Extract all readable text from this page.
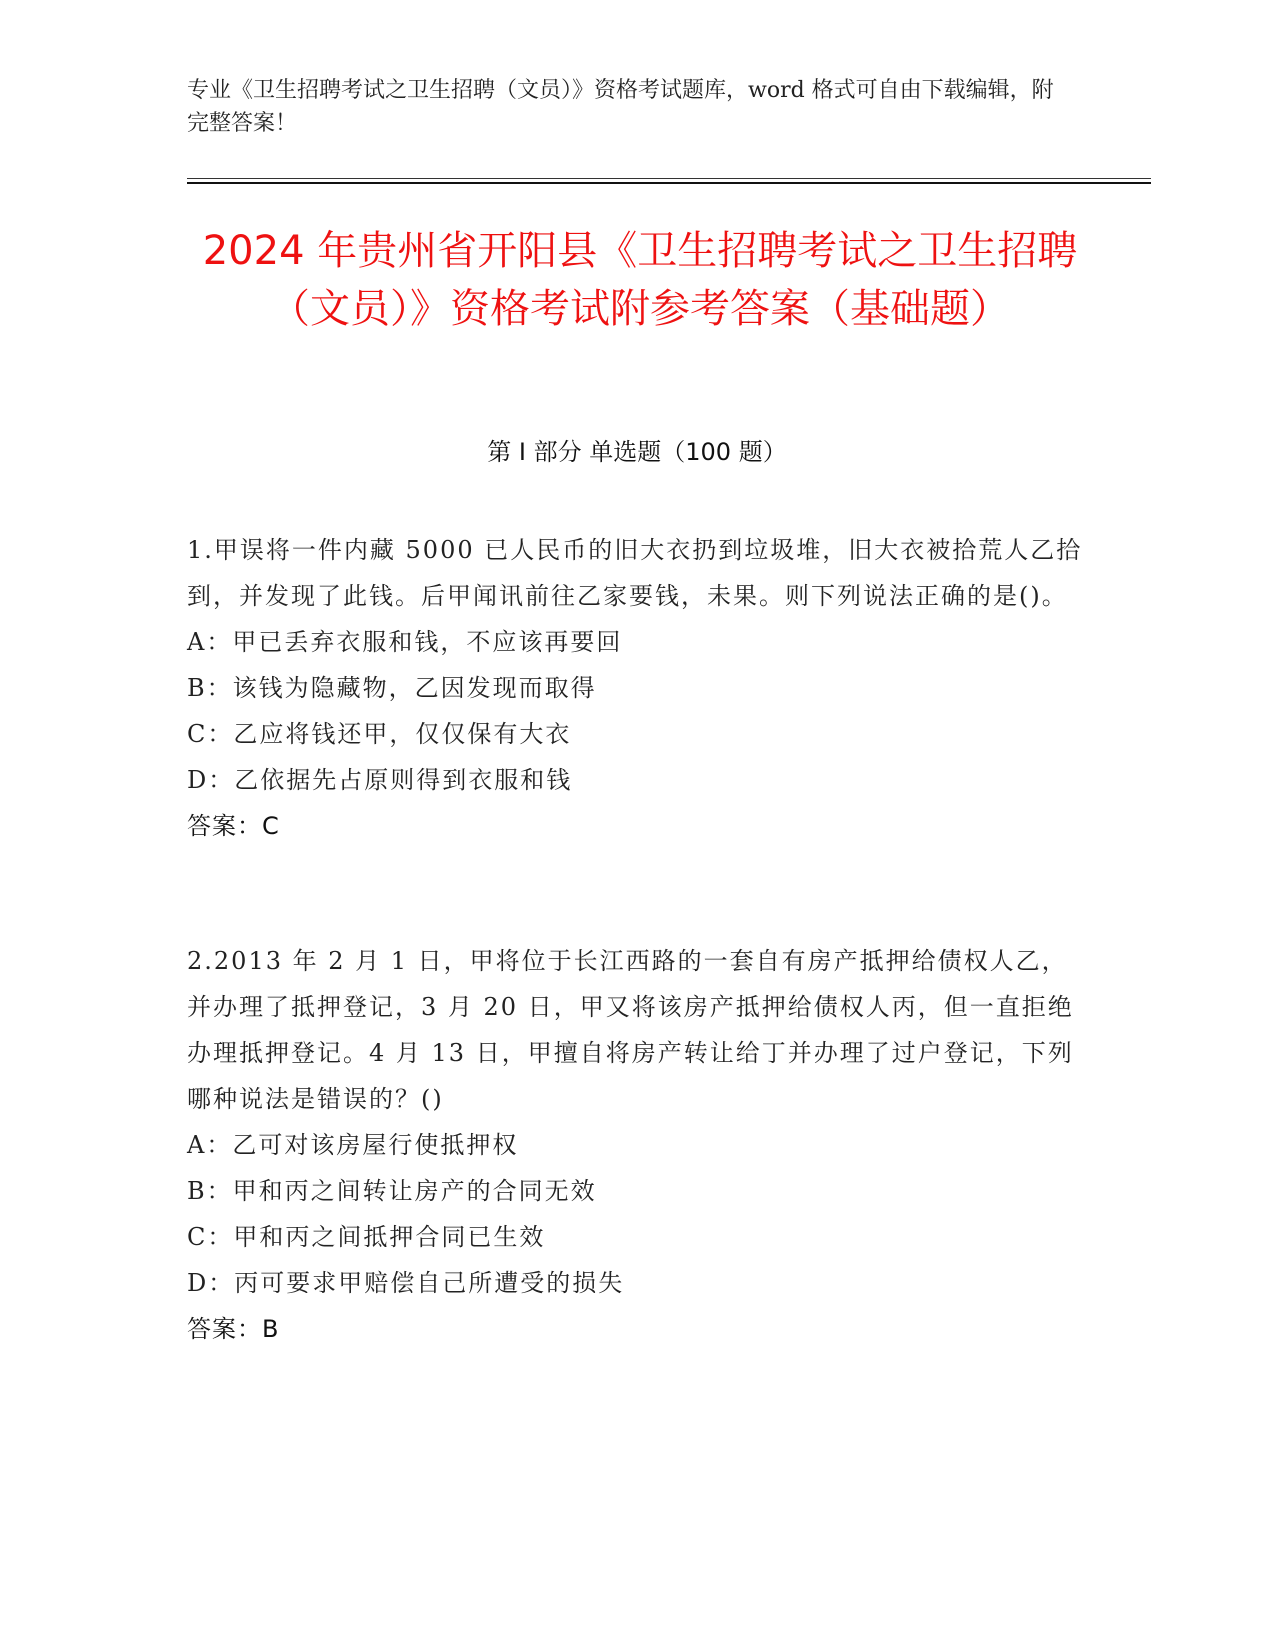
专业《卫生招聘考试之卫生招聘（文员）》资格考试题库，word 格式可自由下载编辑，附完整答案！
2024 年贵州省开阳县《卫生招聘考试之卫生招聘（文员）》资格考试附参考答案（基础题）
第 I 部分 单选题（100 题）
1.甲误将一件内藏 5000 已人民币的旧大衣扔到垃圾堆，旧大衣被拾荒人乙拾到，并发现了此钱。后甲闻讯前往乙家要钱，未果。则下列说法正确的是()。
A：甲已丢弃衣服和钱，不应该再要回
B：该钱为隐藏物，乙因发现而取得
C：乙应将钱还甲，仅仅保有大衣
D：乙依据先占原则得到衣服和钱
答案：C
2.2013 年 2 月 1 日，甲将位于长江西路的一套自有房产抵押给债权人乙，并办理了抵押登记，3 月 20 日，甲又将该房产抵押给债权人丙，但一直拒绝办理抵押登记。4 月 13 日，甲擅自将房产转让给丁并办理了过户登记，下列哪种说法是错误的？()
A：乙可对该房屋行使抵押权
B：甲和丙之间转让房产的合同无效
C：甲和丙之间抵押合同已生效
D：丙可要求甲赔偿自己所遭受的损失
答案：B
